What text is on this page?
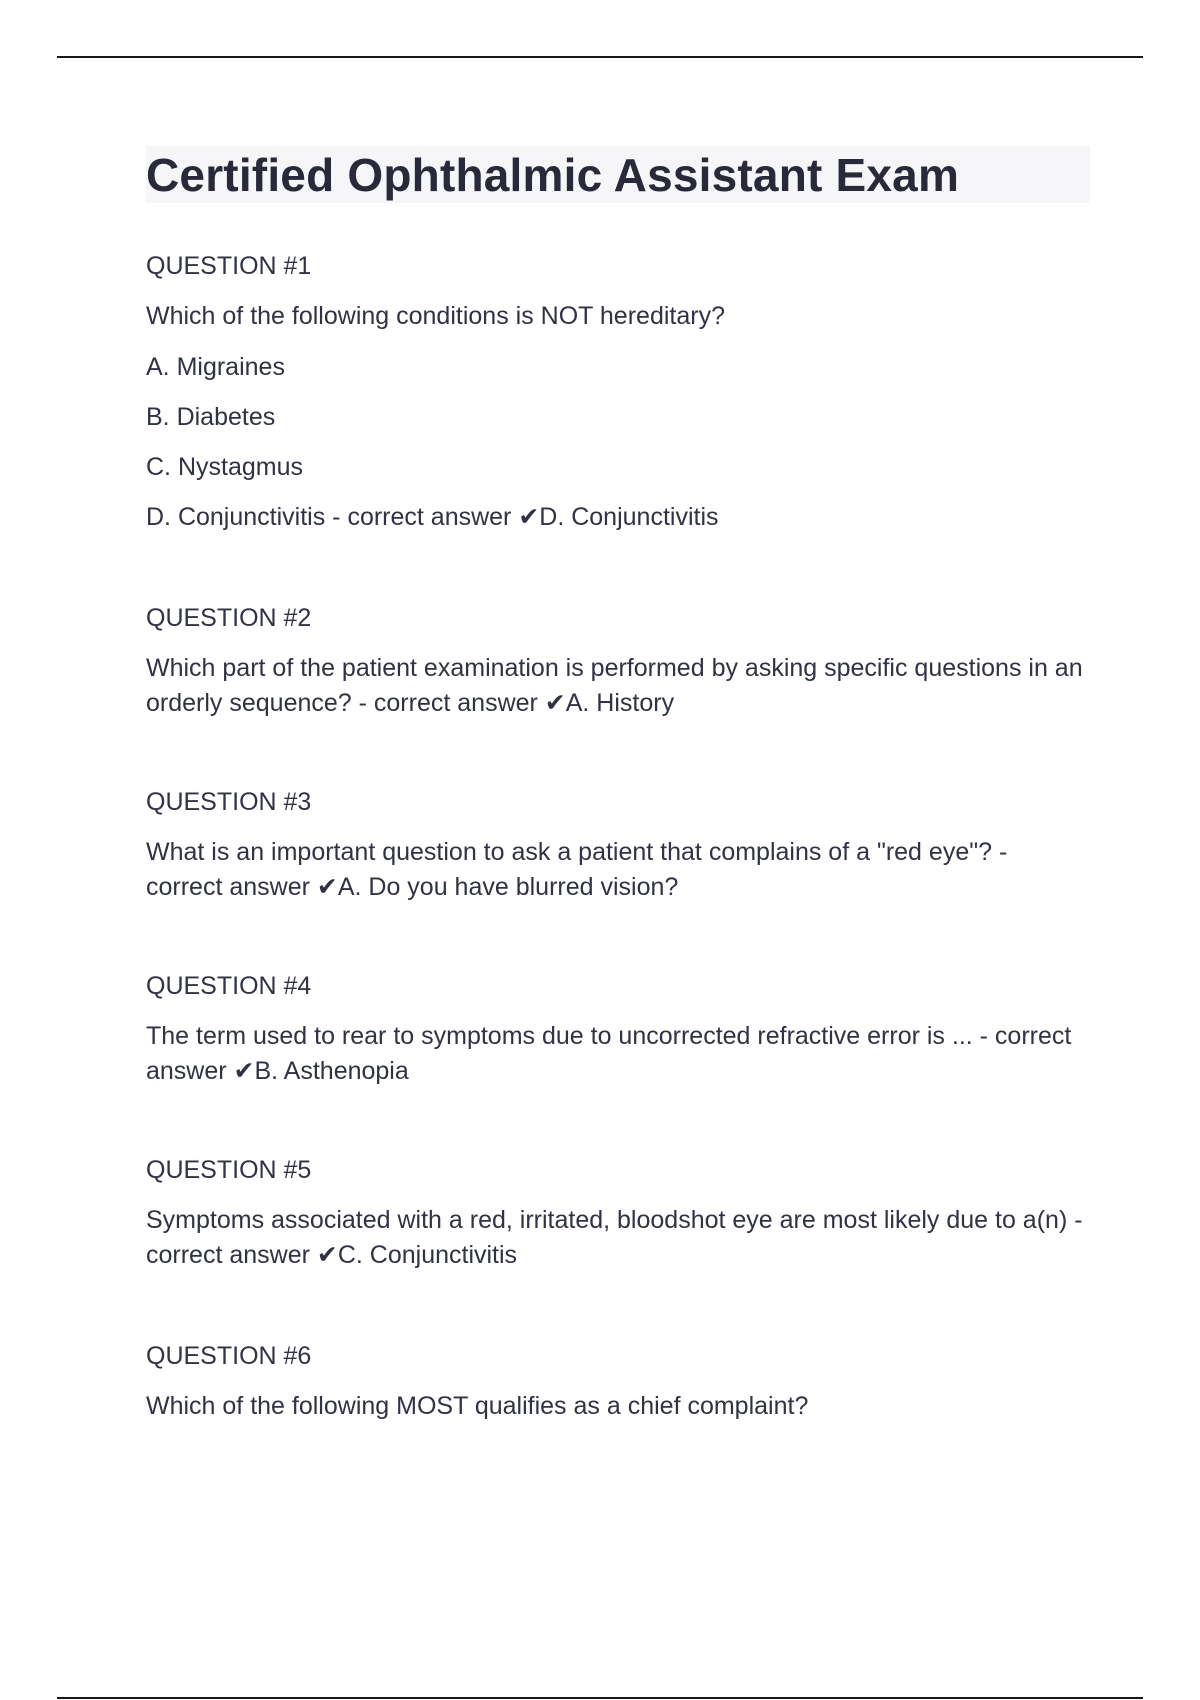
Certified Ophthalmic Assistant Exam

QUESTION #1

Which of the following conditions is NOT hereditary?

A. Migraines

B. Diabetes

C. Nystagmus

D. Conjunctivitis - correct answer ✔D. Conjunctivitis

QUESTION #2

Which part of the patient examination is performed by asking specific questions in an orderly sequence? - correct answer ✔A. History

QUESTION #3

What is an important question to ask a patient that complains of a "red eye"? - correct answer ✔A. Do you have blurred vision?

QUESTION #4

The term used to rear to symptoms due to uncorrected refractive error is ... - correct answer ✔B. Asthenopia

QUESTION #5

Symptoms associated with a red, irritated, bloodshot eye are most likely due to a(n) - correct answer ✔C. Conjunctivitis

QUESTION #6

Which of the following MOST qualifies as a chief complaint?
